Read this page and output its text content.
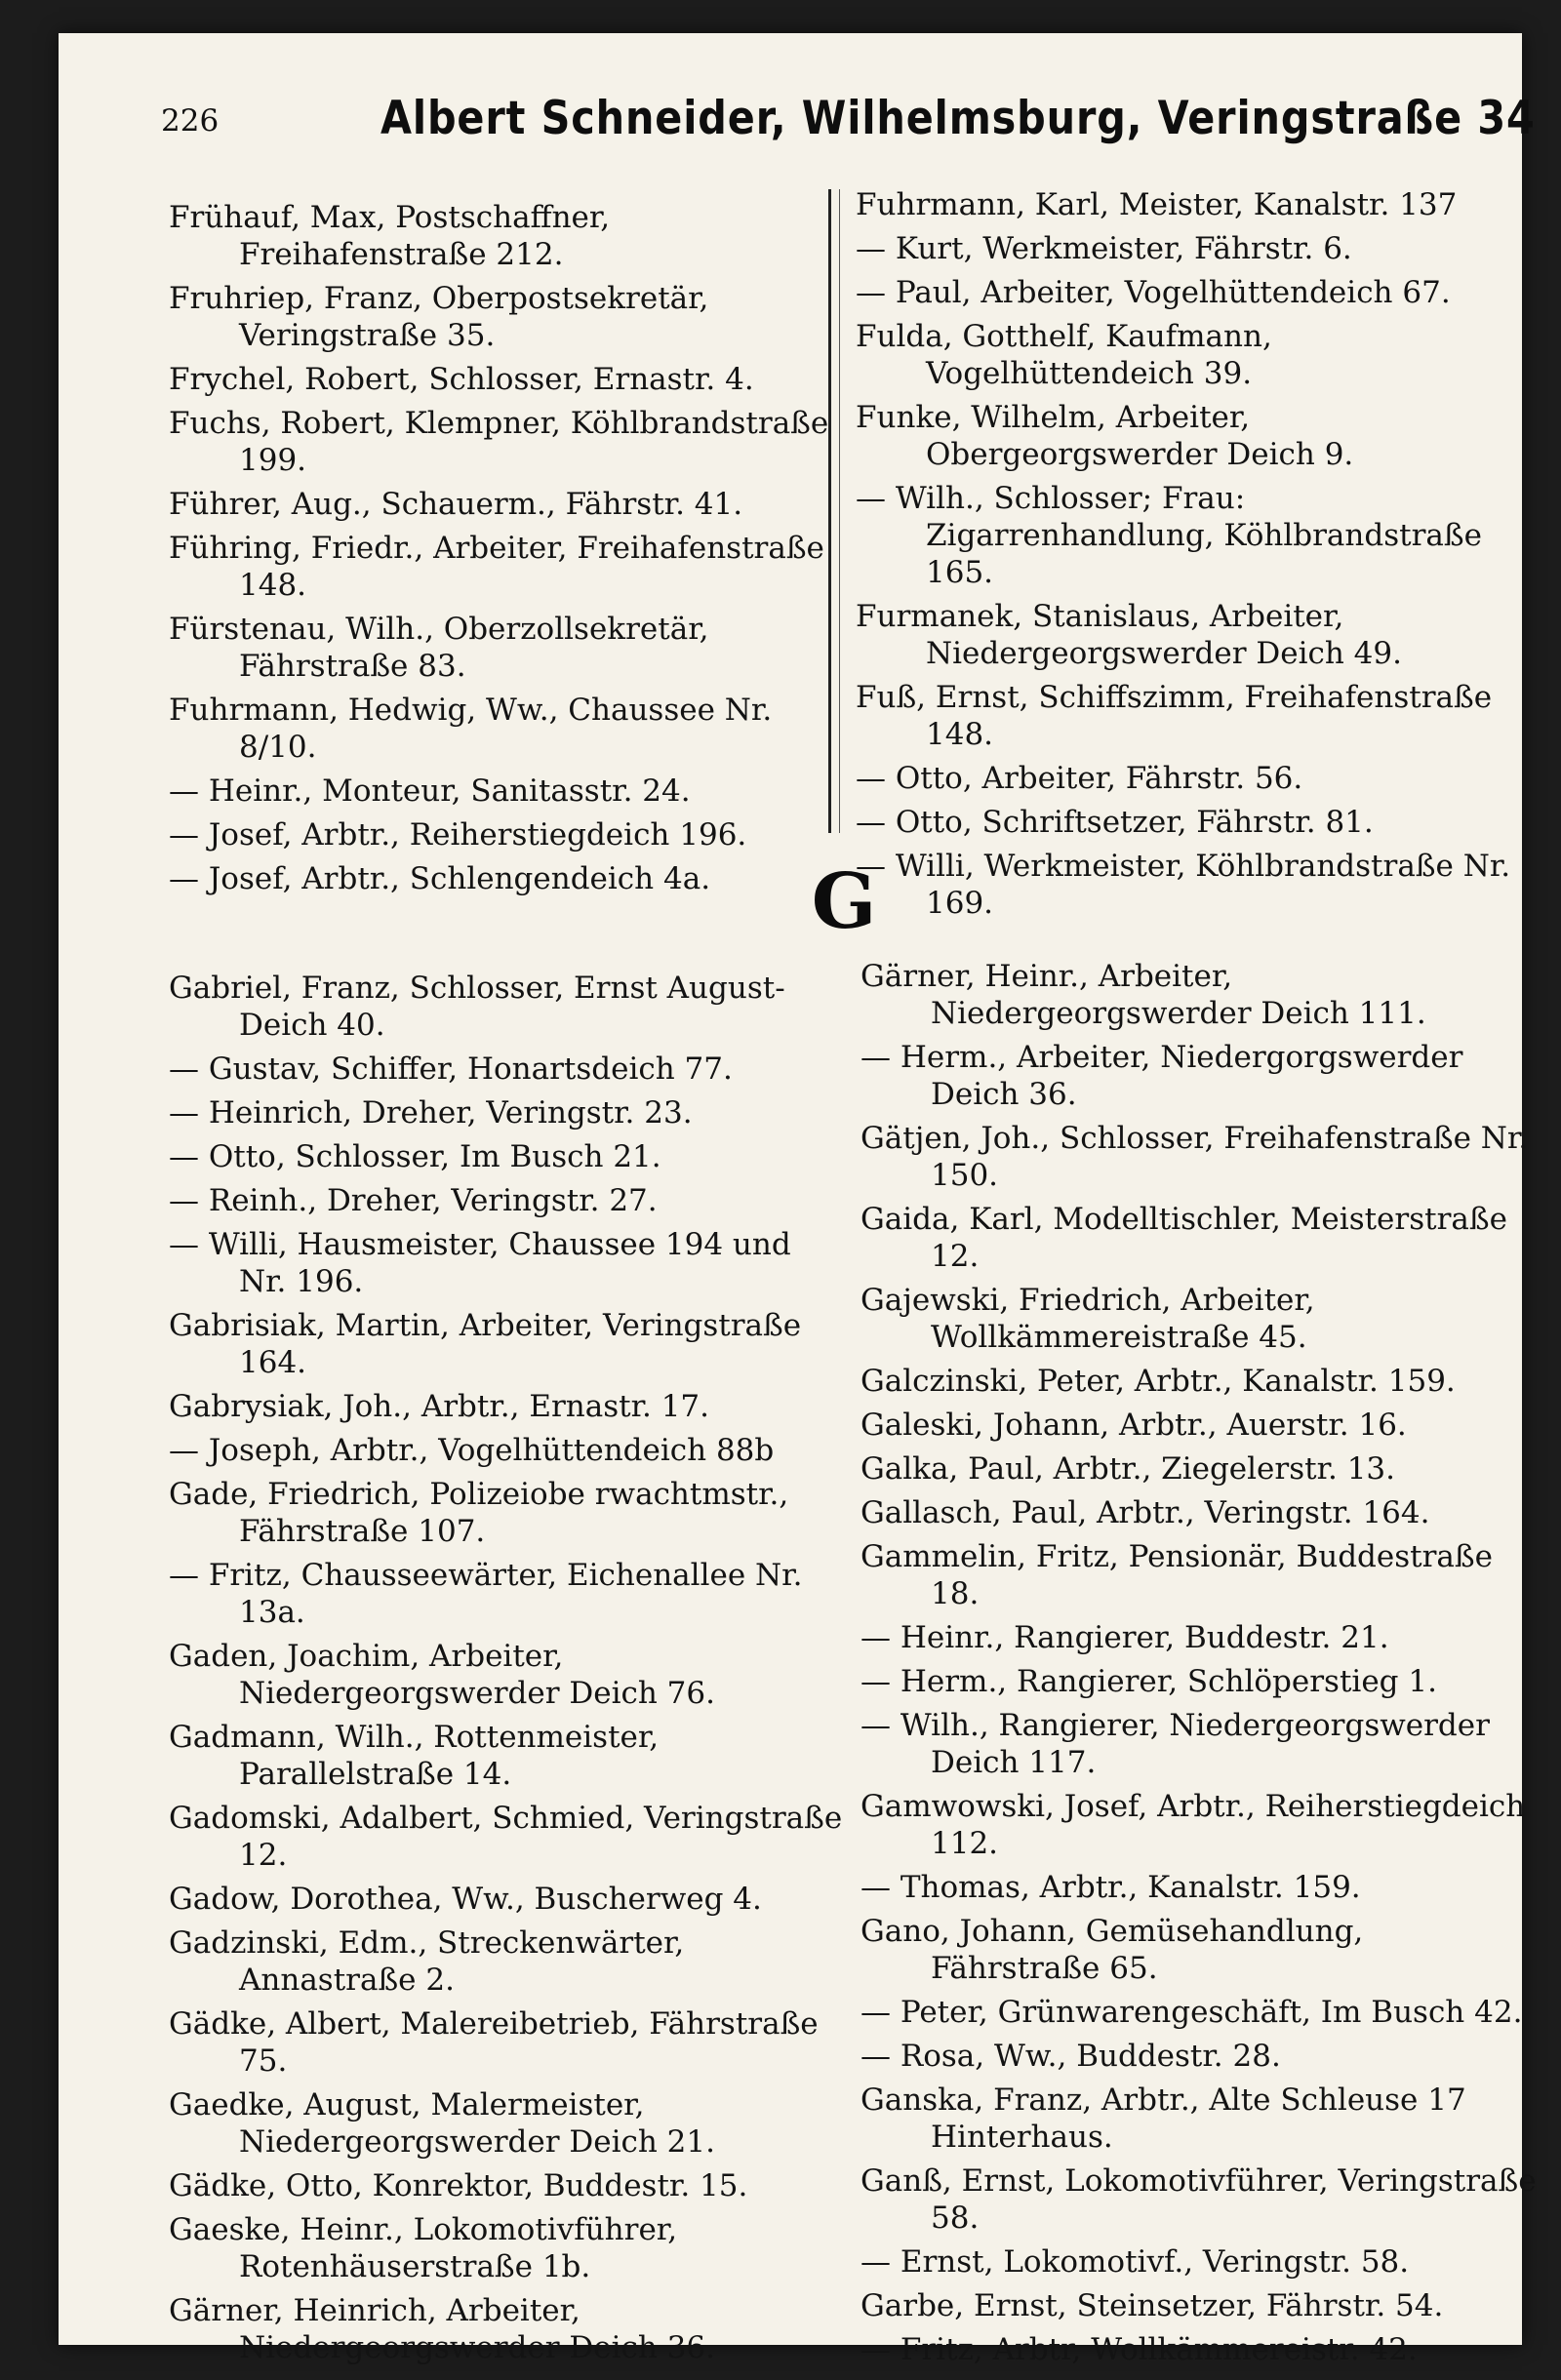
226	Albert Schneider, Wilhelmsburg, Veringstraße 34
Frühauf, Max, Postschaffner, Freihafenstraße 212.
Fruhriep, Franz, Oberpostsekretär, Veringstraße 35.
Frychel, Robert, Schlosser, Ernastr. 4.
Fuchs, Robert, Klempner, Köhlbrandstraße 199.
Führer, Aug., Schauerm., Fährstr. 41.
Führing, Friedr., Arbeiter, Freihafenstraße 148.
Fürstenau, Wilh., Oberzollsekretär, Fährstraße 83.
Fuhrmann, Hedwig, Ww., Chaussee Nr. 8/10.
— Heinr., Monteur, Sanitasstr. 24.
— Josef, Arbtr., Reiherstiegdeich 196.
— Josef, Arbtr., Schlengendeich 4a.
Fuhrmann, Karl, Meister, Kanalstr. 137
— Kurt, Werkmeister, Fährstr. 6.
— Paul, Arbeiter, Vogelhüttendeich 67.
Fulda, Gotthelf, Kaufmann, Vogelhüttendeich 39.
Funke, Wilhelm, Arbeiter, Obergeorgswerder Deich 9.
— Wilh., Schlosser; Frau: Zigarrenhandlung, Köhlbrandstraße 165.
Furmanek, Stanislaus, Arbeiter, Niedergeorgswerder Deich 49.
Fuß, Ernst, Schiffszimm, Freihafenstraße 148.
— Otto, Arbeiter, Fährstr. 56.
— Otto, Schriftsetzer, Fährstr. 81.
— Willi, Werkmeister, Köhlbrandstraße Nr. 169.
G
Gabriel, Franz, Schlosser, Ernst August-Deich 40.
— Gustav, Schiffer, Honartsdeich 77.
— Heinrich, Dreher, Veringstr. 23.
— Otto, Schlosser, Im Busch 21.
— Reinh., Dreher, Veringstr. 27.
— Willi, Hausmeister, Chaussee 194 und Nr. 196.
Gabrisiak, Martin, Arbeiter, Veringstraße 164.
Gabrysiak, Joh., Arbtr., Ernastr. 17.
— Joseph, Arbtr., Vogelhüttendeich 88b
Gade, Friedrich, Polizeiobe rwachtmstr., Fährstraße 107.
— Fritz, Chausseewärter, Eichenallee Nr. 13a.
Gaden, Joachim, Arbeiter, Niedergeorgswerder Deich 76.
Gadmann, Wilh., Rottenmeister, Parallelstraße 14.
Gadomski, Adalbert, Schmied, Veringstraße 12.
Gadow, Dorothea, Ww., Buscherweg 4.
Gadzinski, Edm., Streckenwärter, Annastraße 2.
Gädke, Albert, Malereibetrieb, Fährstraße 75.
Gaedke, August, Malermeister, Niedergeorgswerder Deich 21.
Gädke, Otto, Konrektor, Buddestr. 15.
Gaeske, Heinr., Lokomotivführer, Rotenhäuserstraße 1b.
Gärner, Heinrich, Arbeiter, Niedergeorgswerder Deich 36.
Gärner, Heinr., Arbeiter, Niedergeorgswerder Deich 111.
— Herm., Arbeiter, Niedergorgswerder Deich 36.
Gätjen, Joh., Schlosser, Freihafenstraße Nr. 150.
Gaida, Karl, Modelltischler, Meisterstraße 12.
Gajewski, Friedrich, Arbeiter, Wollkämmereistraße 45.
Galczinski, Peter, Arbtr., Kanalstr. 159.
Galeski, Johann, Arbtr., Auerstr. 16.
Galka, Paul, Arbtr., Ziegelerstr. 13.
Gallasch, Paul, Arbtr., Veringstr. 164.
Gammelin, Fritz, Pensionär, Buddestraße 18.
— Heinr., Rangierer, Buddestr. 21.
— Herm., Rangierer, Schlöperstieg 1.
— Wilh., Rangierer, Niedergeorgswerder Deich 117.
Gamwowski, Josef, Arbtr., Reiherstiegdeich 112.
— Thomas, Arbtr., Kanalstr. 159.
Gano, Johann, Gemüsehandlung, Fährstraße 65.
— Peter, Grünwarengeschäft, Im Busch 42.
— Rosa, Ww., Buddestr. 28.
Ganska, Franz, Arbtr., Alte Schleuse 17 Hinterhaus.
Ganß, Ernst, Lokomotivführer, Veringstraße 58.
— Ernst, Lokomotivf., Veringstr. 58.
Garbe, Ernst, Steinsetzer, Fährstr. 54.
— Fritz, Arbtr, Wollkämmereistr. 42.
